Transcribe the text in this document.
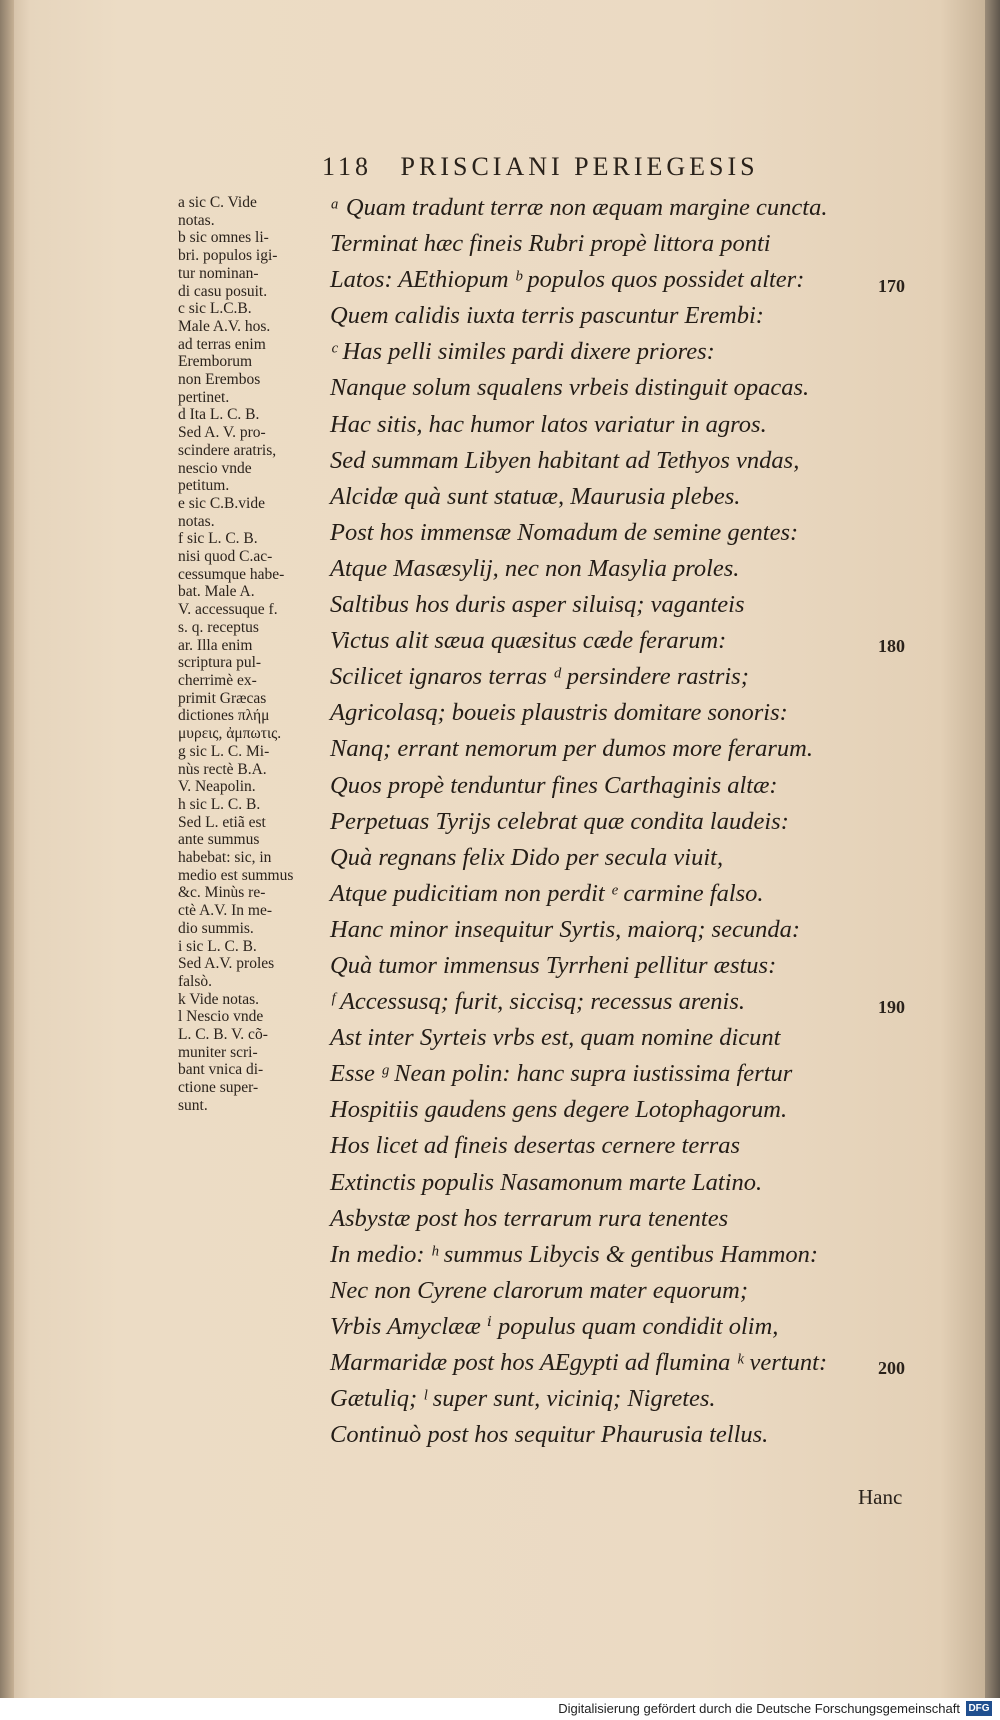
118 PRISCIANI PERIEGESIS
a sic C. Vide
notas.
b sic omnes li-
bri. populos igi-
tur nominan-
di casu posuit.
c sic L.C.B.
Male A.V. hos.
ad terras enim
Eremborum
non Erembos
pertinet.
d Ita L. C. B.
Sed A. V. pro-
scindere aratris,
nescio vnde
petitum.
e sic C.B.vide
notas.
f sic L. C. B.
nisi quod C.ac-
cessumque habe-
bat. Male A.
V. accessuque f.
s. q. receptus
ar. Illa enim
scriptura pul-
cherrimè ex-
primit Græcas
dictiones πλήμ
μυρεις, ἀμπωτις.
g sic L. C. Mi-
nùs rectè B.A.
V. Neapolin.
h sic L. C. B.
Sed L. etiã est
ante summus
habebat: sic, in
medio est summus
&c. Minùs re-
ctè A.V. In me-
dio summis.
i sic L. C. B.
Sed A.V. proles
falsò.
k Vide notas.
l Nescio vnde
L. C. B. V. cõ-
muniter scri-
bant vnica di-
ctione super-
sunt.
ᵃ Quam tradunt terræ non æquam margine cuncta.
Terminat hæc fineis Rubri propè littora ponti
Latos: AEthiopum ᵇ populos quos possidet alter:
Quem calidis iuxta terris pascuntur Erembi:
ᶜ Has pelli similes pardi dixere priores:
Nanque solum squalens vrbeis distinguit opacas.
Hac sitis, hac humor latos variatur in agros.
Sed summam Libyen habitant ad Tethyos vndas,
Alcidæ quà sunt statuæ, Maurusia plebes.
Post hos immensæ Nomadum de semine gentes:
Atque Masæsylij, nec non Masylia proles.
Saltibus hos duris asper siluisq; vaganteis
Victus alit sæua quæsitus cæde ferarum:
Scilicet ignaros terras ᵈ persindere rastris;
Agricolasq; boueis plaustris domitare sonoris:
Nanq; errant nemorum per dumos more ferarum.
Quos propè tenduntur fines Carthaginis altæ:
Perpetuas Tyrijs celebrat quæ condita laudeis:
Quà regnans felix Dido per secula viuit,
Atque pudicitiam non perdit ᵉ carmine falso.
Hanc minor insequitur Syrtis, maiorq; secunda:
Quà tumor immensus Tyrrheni pellitur æstus:
ᶠ Accessusq; furit, siccisq; recessus arenis.
Ast inter Syrteis vrbs est, quam nomine dicunt
Esse ᵍ Nean polin: hanc supra iustissima fertur
Hospitiis gaudens gens degere Lotophagorum.
Hos licet ad fineis desertas cernere terras
Extinctis populis Nasamonum marte Latino.
Asbystæ post hos terrarum rura tenentes
In medio: ʰ summus Libycis & gentibus Hammon:
Nec non Cyrene clarorum mater equorum;
Vrbis Amyclææ ⁱ populus quam condidit olim,
Marmaridæ post hos AEgypti ad flumina ᵏ vertunt:
Gætuliq; ˡ super sunt, viciniq; Nigretes.
Continuò post hos sequitur Phaurusia tellus.
170
180
190
200
Hanc
Digitalisierung gefördert durch die Deutsche Forschungsgemeinschaft DFG
